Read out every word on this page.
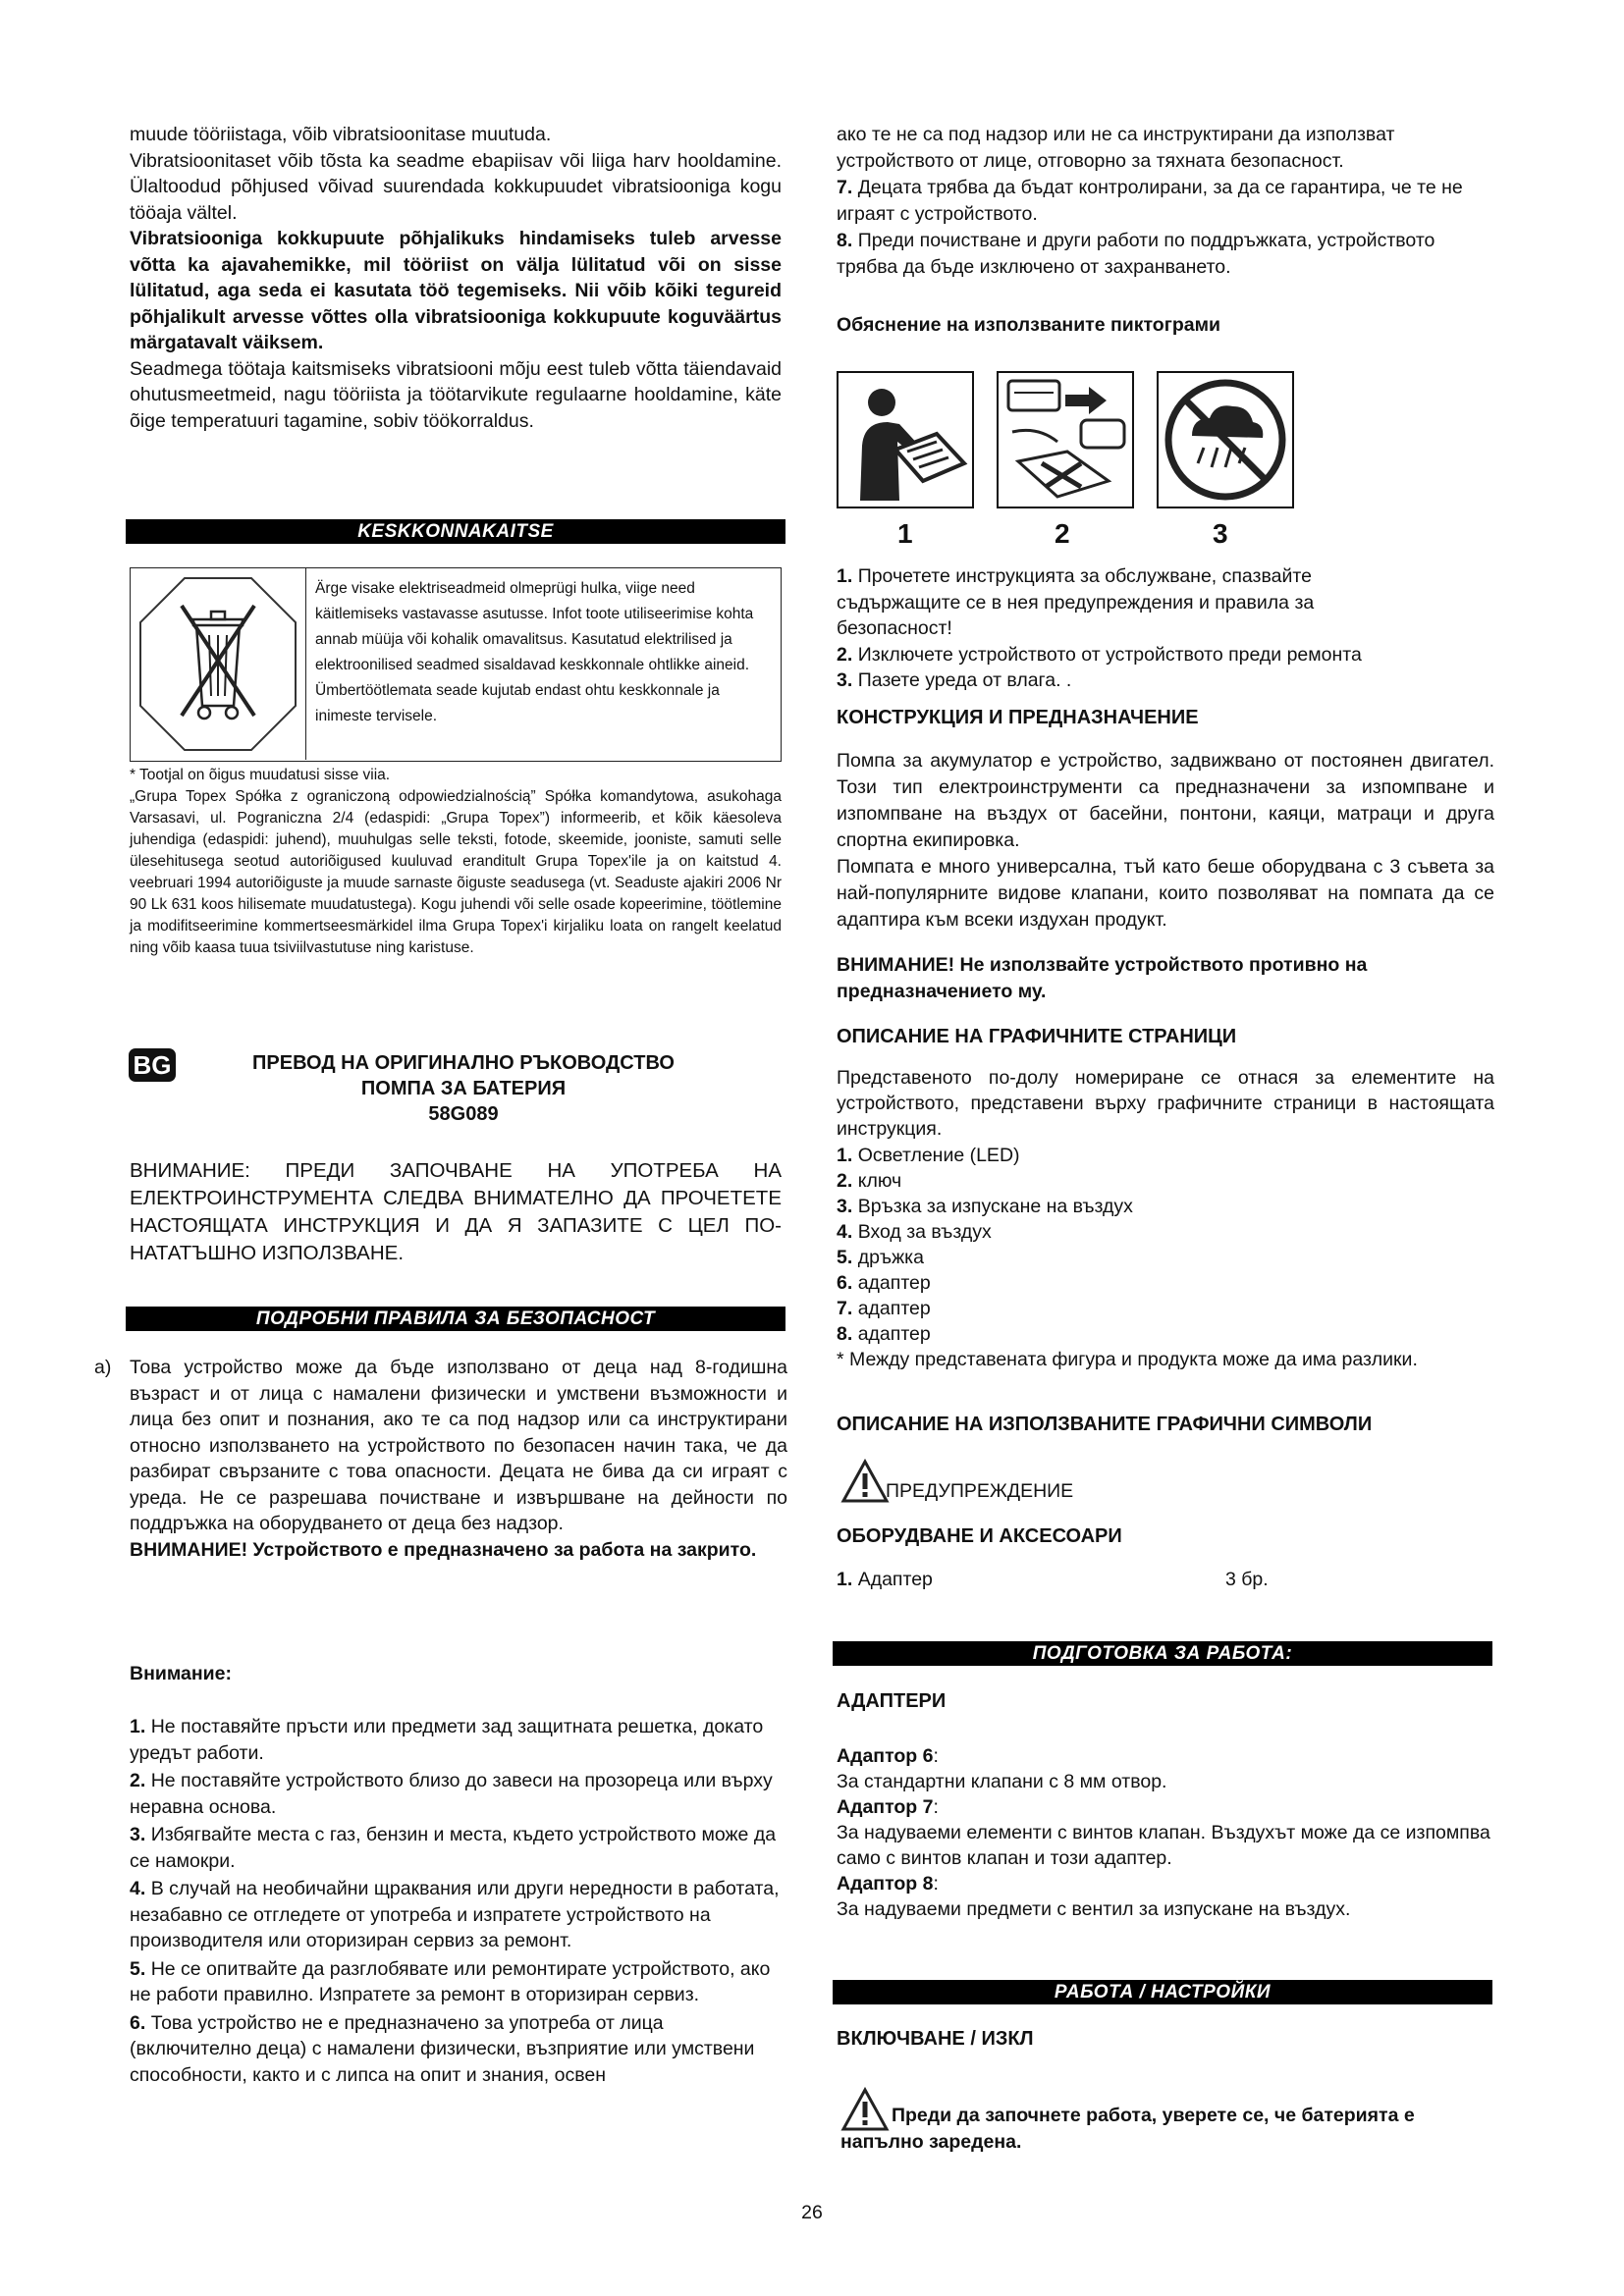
muude tööriistaga, võib vibratsioonitase muutuda.

Vibratsioonitaset võib tõsta ka seadme ebapiisav või liiga harv hooldamine. Ülaltoodud põhjused võivad suurendada kokkupuudet vibratsiooniga kogu tööaja vältel.

Vibratsiooniga kokkupuute põhjalikuks hindamiseks tuleb arvesse võtta ka ajavahemikke, mil tööriist on välja lülitatud või on sisse lülitatud, aga seda ei kasutata töö tegemiseks. Nii võib kõiki tegureid põhjalikult arvesse võttes olla vibratsiooniga kokkupuute koguväärtus märgatavalt väiksem.

Seadmega töötaja kaitsmiseks vibratsiooni mõju eest tuleb võtta täiendavaid ohutusmeetmeid, nagu tööriista ja töötarvikute regulaarne hooldamine, käte õige temperatuuri tagamine, sobiv töökorraldus.

KESKKONNAKAITSE
Ärge visake elektriseadmeid olmeprügi hulka, viige need käitlemiseks vastavasse asutusse. Infot toote utiliseerimise kohta annab müüja või kohalik omavalitsus. Kasutatud elektrilised ja elektroonilised seadmed sisaldavad keskkonnale ohtlikke aineid. Ümbertöötlemata seade kujutab endast ohtu keskkonnale ja inimeste tervisele.
* Tootjal on õigus muudatusi sisse viia.
„Grupa Topex Spółka z ograniczoną odpowiedzialnością” Spółka komandytowa, asukohaga Varsasavi, ul. Pograniczna 2/4 (edaspidi: „Grupa Topex”) informeerib, et kõik käesoleva juhendiga (edaspidi: juhend), muuhulgas selle teksti, fotode, skeemide, jooniste, samuti selle ülesehitusega seotud autoriõigused kuuluvad eranditult Grupa Topex'ile ja on kaitstud 4. veebruari 1994 autoriõiguste ja muude sarnaste õiguste seadusega (vt. Seaduste ajakiri 2006 Nr 90 Lk 631 koos hilisemate muudatustega). Kogu juhendi või selle osade kopeerimine, töötlemine ja modifitseerimine kommertseesmärkidel ilma Grupa Topex'i kirjaliku loata on rangelt keelatud ning võib kaasa tuua tsiviilvastutuse ning karistuse.
BG	ПРЕВОД НА ОРИГИНАЛНО РЪКОВОДСТВО

ПОМПА ЗА БАТЕРИЯ

58G089

ВНИМАНИЕ: ПРЕДИ ЗАПОЧВАНЕ НА УПОТРЕБА НА ЕЛЕКТРОИНСТРУМЕНТА СЛЕДВА ВНИМАТЕЛНО ДА ПРОЧЕТЕТЕ НАСТОЯЩАТА ИНСТРУКЦИЯ И ДА Я ЗАПАЗИТЕ С ЦЕЛ ПО-НАТАТЪШНО ИЗПОЛЗВАНЕ.
ПОДРОБНИ ПРАВИЛА ЗА БЕЗОПАСНОСТ
а) Това устройство може да бъде използвано от деца над 8-годишна възраст и от лица с намалени физически и умствени възможности и лица без опит и познания, ако те са под надзор или са инструктирани относно използването на устройството по безопасен начин така, че да разбират свързаните с това опасности. Децата не бива да си играят с уреда. Не се разрешава почистване и извършване на дейности по поддръжка на оборудването от деца без надзор.

ВНИМАНИЕ! Устройството е предназначено за работа на закрито.

Внимание:

1. Не поставяйте пръсти или предмети зад защитната решетка, докато уредът работи.

2. Не поставяйте устройството близо до завеси на прозореца или върху неравна основа.

3. Избягвайте места с газ, бензин и места, където устройството може да се намокри.

4. В случай на необичайни щраквания или други нередности в работата, незабавно се отгледете от употреба и изпратете устройството на производителя или оторизиран сервиз за ремонт.

5. Не се опитвайте да разглобявате или ремонтирате устройството, ако не работи правилно. Изпратете за ремонт в оторизиран сервиз.

6. Това устройство не е предназначено за употреба от лица (включително деца) с намалени физически, възприятие или умствени способности, както и с липса на опит и знания, освен

ако те не са под надзор или не са инструктирани да използват устройството от лице, отговорно за тяхната безопасност.

7. Децата трябва да бъдат контролирани, за да се гарантира, че те не играят с устройството.

8. Преди почистване и други работи по поддръжката, устройството трябва да бъде изключено от захранването.

Обяснение на използваните пиктограми
1	2	3

1. Прочетете инструкцията за обслужване, спазвайте съдържащите се в нея предупреждения и правила за безопасност!

2. Изключете устройството от устройството преди ремонта

3. Пазете уреда от влага. .

КОНСТРУКЦИЯ И ПРЕДНАЗНАЧЕНИЕ

Помпа за акумулатор е устройство, задвижвано от постоянен двигател. Този тип електроинструменти са предназначени за изпомпване и изпомпване на въздух от басейни, понтони, каяци, матраци и друга спортна екипировка.

Помпата е много универсална, тъй като беше оборудвана с 3 съвета за най-популярните видове клапани, които позволяват на помпата да се адаптира към всеки издухан продукт.

ВНИМАНИЕ! Не използвайте устройството противно на предназначението му.
ОПИСАНИЕ НА ГРАФИЧНИТЕ СТРАНИЦИ
Представеното по-долу номериране се отнася за елементите на устройството, представени върху графичните страници в настоящата инструкция.

1. Осветление (LED)

2. ключ

3. Връзка за изпускане на въздух

4. Вход за въздух

5. дръжка

6. адаптер

7. адаптер

8. адаптер

* Между представената фигура и продукта може да има разлики.

ОПИСАНИЕ НА ИЗПОЛЗВАНИТЕ ГРАФИЧНИ СИМВОЛИ
ПРЕДУПРЕЖДЕНИЕ
ОБОРУДВАНЕ И АКСЕСОАРИ
1. Адаптер	3 бр.
ПОДГОТОВКА ЗА РАБОТА:
АДАПТЕРИ

Адаптор 6:

За стандартни клапани с 8 мм отвор.

Адаптор 7:

За надуваеми елементи с винтов клапан. Въздухът може да се изпомпва само с винтов клапан и този адаптер.

Адаптор 8:

За надуваеми предмети с вентил за изпускане на въздух.

РАБОТА / НАСТРОЙКИ
ВКЛЮЧВАНЕ / ИЗКЛ
Преди да започнете работа, уверете се, че батерията е напълно заредена.
26
